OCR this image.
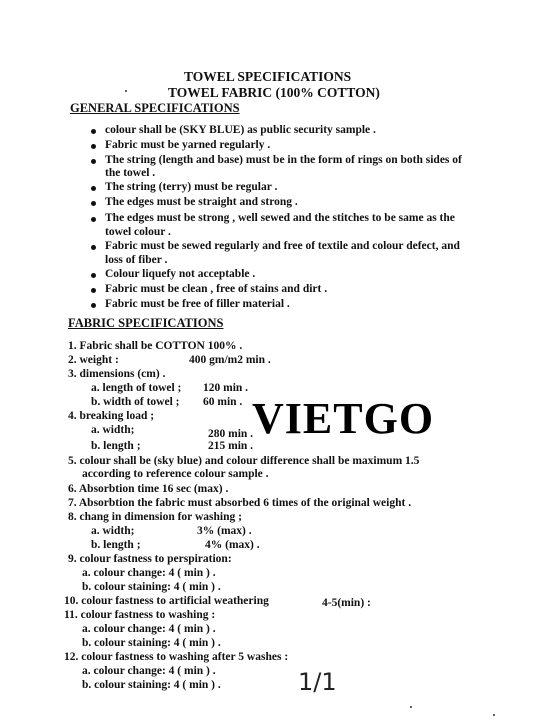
TOWEL SPECIFICATIONS
TOWEL FABRIC (100% COTTON)
GENERAL SPECIFICATIONS
colour shall be (SKY BLUE) as public security sample .
Fabric must be yarned regularly .
The string (length and base) must be in the form of rings on both sides of
the towel .
The string (terry) must be regular .
The edges must be straight and strong .
The edges must be strong , well sewed and the stitches to be same as the
towel colour .
Fabric must be sewed regularly and free of textile and colour defect, and
loss of fiber .
Colour liquefy not acceptable .
Fabric must be clean , free of stains and dirt .
Fabric must be free of filler material .
FABRIC SPECIFICATIONS
1. Fabric shall be COTTON 100% .
2. weight :	400 gm/m2 min .
3. dimensions (cm) .
a. length of towel ; 120 min .
b. width of towel ; 60 min .
4. breaking load ;
a. width;	280 min .
b. length ;	215 min .
5. colour shall be (sky blue) and colour difference shall be maximum 1.5
according to reference colour sample .
6. Absorbtion time 16 sec (max) .
7. Absorbtion the fabric must absorbed 6 times of the original weight .
8. chang in dimension for washing ;
a. width;	3% (max) .
b. length ;	4% (max) .
9. colour fastness to perspiration:
a. colour change: 4 ( min ) .
b. colour staining: 4 ( min ) .
10. colour fastness to artificial weathering	4-5(min) :
11. colour fastness to washing :
a. colour change: 4 ( min ) .
b. colour staining: 4 ( min ) .
12. colour fastness to washing after 5 washes :
a. colour change: 4 ( min ) .
b. colour staining: 4 ( min ) .
VIETGO
1/1
